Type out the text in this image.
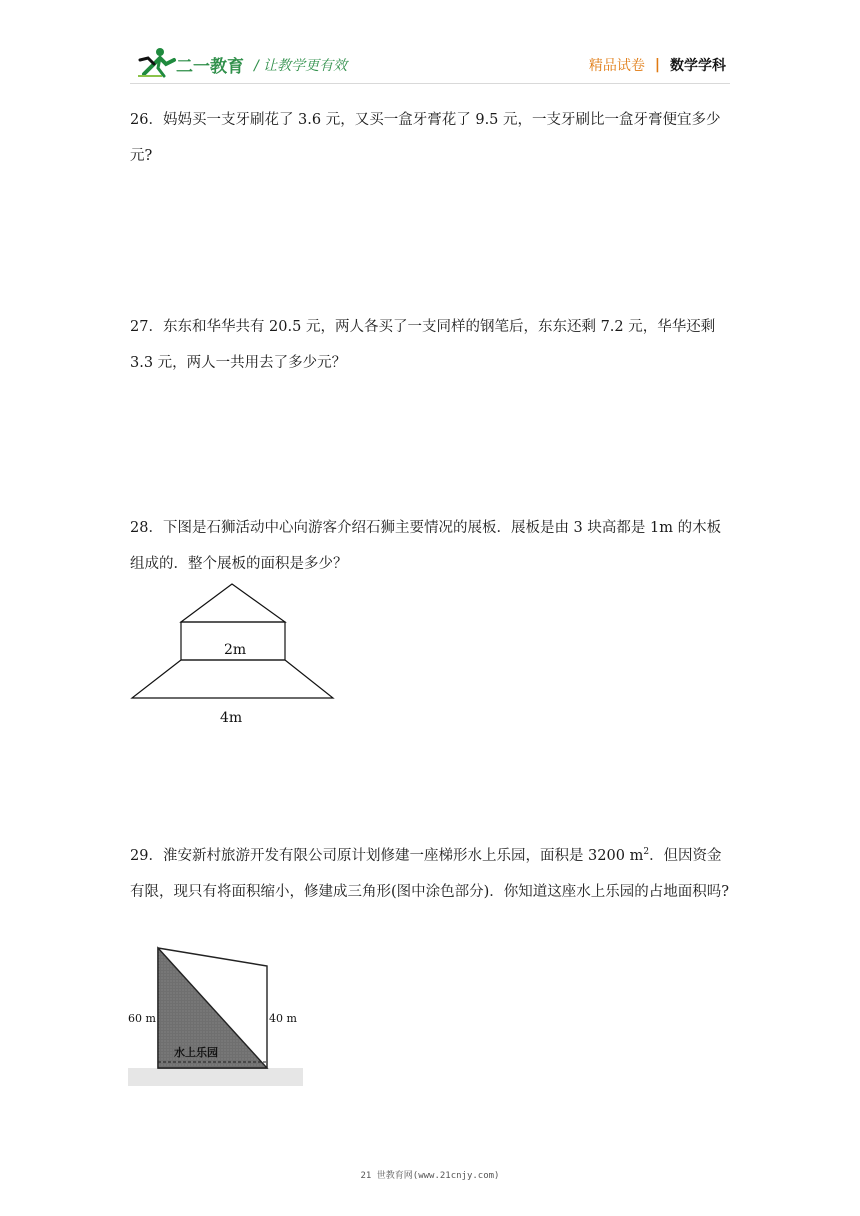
二一教育 / 让教学更有效	精品试卷 | 数学学科
26．妈妈买一支牙刷花了 3.6 元，又买一盒牙膏花了 9.5 元，一支牙刷比一盒牙膏便宜多少元?
27．东东和华华共有 20.5 元，两人各买了一支同样的钢笔后，东东还剩 7.2 元，华华还剩 3.3 元，两人一共用去了多少元？
28．下图是石狮活动中心向游客介绍石狮主要情况的展板．展板是由 3 块高都是 1m 的木板组成的．整个展板的面积是多少？
2m
4m
29．淮安新村旅游开发有限公司原计划修建一座梯形水上乐园，面积是 3200 $m^2$．但因资金有限，现只有将面积缩小，修建成三角形(图中涂色部分)．你知道这座水上乐园的占地面积吗?
60 m	40 m
水上乐园
21 世教育网(www.21cnjy.com)
